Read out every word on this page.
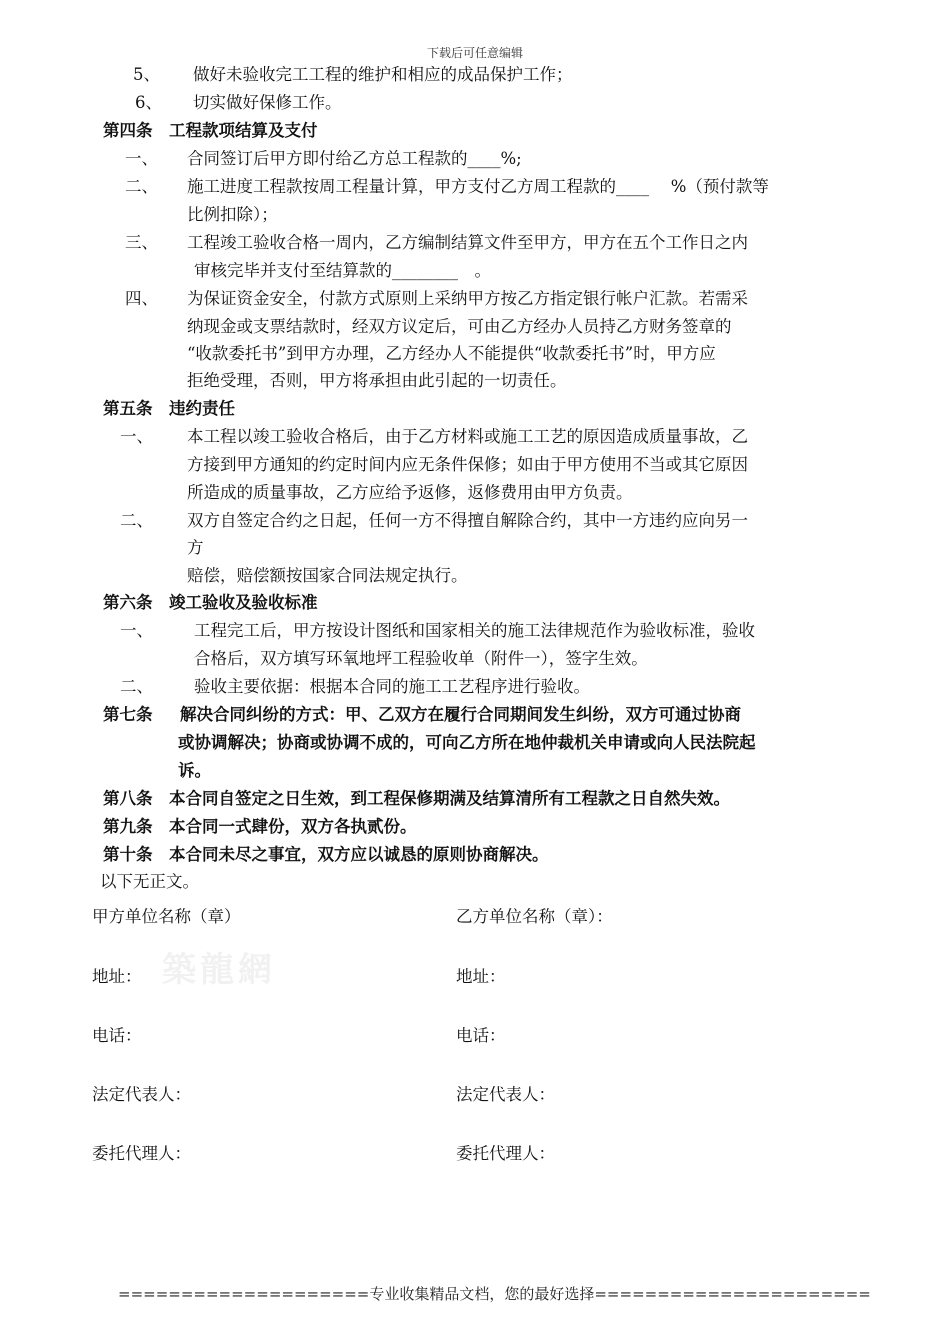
下载后可任意编辑
5、 做好未验收完工工程的维护和相应的成品保护工作；
6、 切实做好保修工作。
第四条　工程款项结算及支付
一、 合同签订后甲方即付给乙方总工程款的____%;
二、 施工进度工程款按周工程量计算，甲方支付乙方周工程款的____　 %（预付款等
比例扣除）；
三、 工程竣工验收合格一周内，乙方编制结算文件至甲方，甲方在五个工作日之内
审核完毕并支付至结算款的________　。
四、 为保证资金安全，付款方式原则上采纳甲方按乙方指定银行帐户汇款。若需采
纳现金或支票结款时，经双方议定后，可由乙方经办人员持乙方财务签章的
“收款委托书”到甲方办理，乙方经办人不能提供“收款委托书”时，甲方应
拒绝受理，否则，甲方将承担由此引起的一切责任。
第五条　违约责任
一、 本工程以竣工验收合格后，由于乙方材料或施工工艺的原因造成质量事故，乙
方接到甲方通知的约定时间内应无条件保修；如由于甲方使用不当或其它原因
所造成的质量事故，乙方应给予返修，返修费用由甲方负责。
二、 双方自签定合约之日起，任何一方不得擅自解除合约，其中一方违约应向另一
方
赔偿，赔偿额按国家合同法规定执行。
第六条　竣工验收及验收标准
一、 工程完工后，甲方按设计图纸和国家相关的施工法律规范作为验收标准，验收
合格后，双方填写环氧地坪工程验收单（附件一），签字生效。
二、 验收主要依据：根据本合同的施工工艺程序进行验收。
第七条 解决合同纠纷的方式：甲、乙双方在履行合同期间发生纠纷，双方可通过协商
或协调解决；协商或协调不成的，可向乙方所在地仲裁机关申请或向人民法院起
诉。
第八条　本合同自签定之日生效，到工程保修期满及结算清所有工程款之日自然失效。
第九条　本合同一式肆份，双方各执贰份。
第十条　本合同未尽之事宜，双方应以诚恳的原则协商解决。
以下无正文。
築龍網
甲方单位名称（章）
地址：
电话：
法定代表人：
委托代理人：
乙方单位名称（章）：
地址：
电话：
法定代表人：
委托代理人：
====================专业收集精品文档，您的最好选择======================
